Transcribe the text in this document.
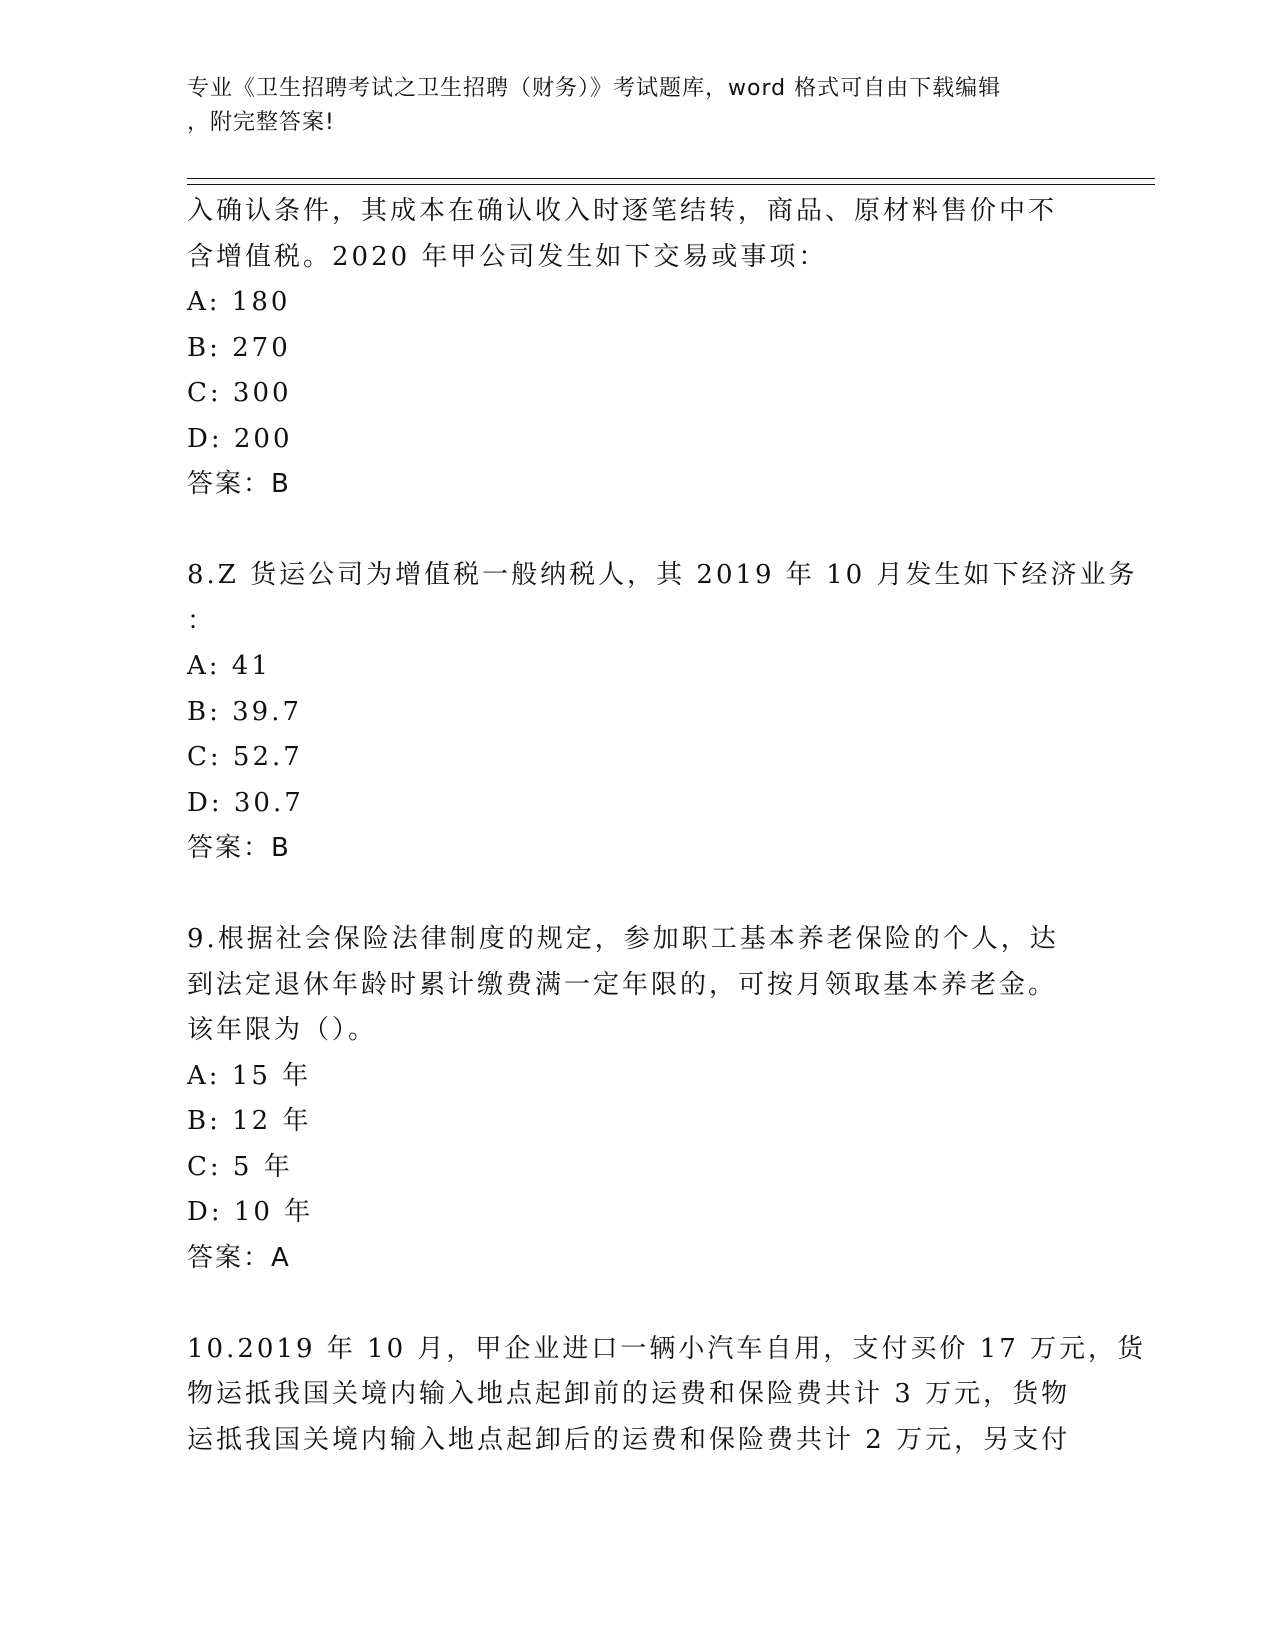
专业《卫生招聘考试之卫生招聘（财务）》考试题库，word 格式可自由下载编辑
，附完整答案!
入确认条件，其成本在确认收入时逐笔结转，商品、原材料售价中不
含增值税。2020 年甲公司发生如下交易或事项：
A: 180
B: 270
C: 300
D: 200
答案：B
8.Z 货运公司为增值税一般纳税人，其 2019 年 10 月发生如下经济业务
：
A: 41
B: 39.7
C: 52.7
D: 30.7
答案：B
9.根据社会保险法律制度的规定，参加职工基本养老保险的个人，达
到法定退休年龄时累计缴费满一定年限的，可按月领取基本养老金。
该年限为（）。
A: 15 年
B: 12 年
C: 5 年
D: 10 年
答案：A
10.2019 年 10 月，甲企业进口一辆小汽车自用，支付买价 17 万元，货
物运抵我国关境内输入地点起卸前的运费和保险费共计 3 万元，货物
运抵我国关境内输入地点起卸后的运费和保险费共计 2 万元，另支付
